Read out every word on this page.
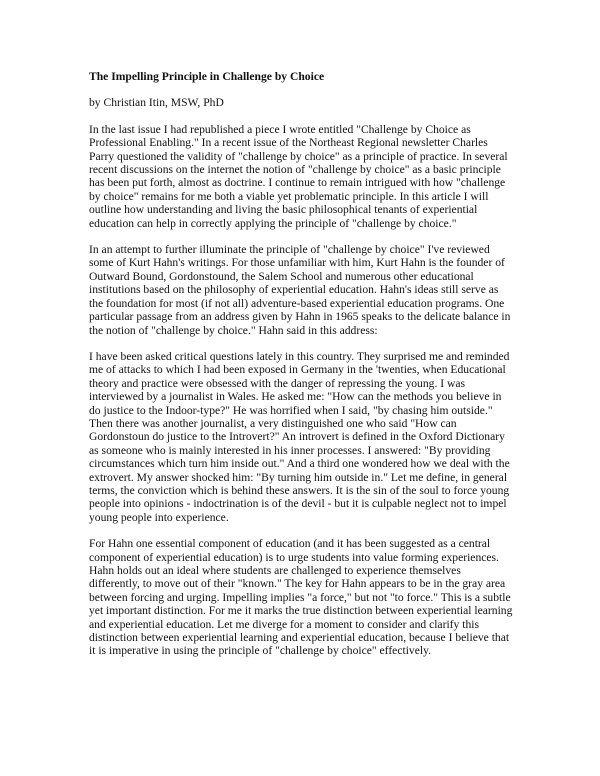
The Impelling Principle in Challenge by Choice
by Christian Itin, MSW, PhD

In the last issue I had republished a piece I wrote entitled "Challenge by Choice as Professional Enabling." In a recent issue of the Northeast Regional newsletter Charles Parry questioned the validity of "challenge by choice" as a principle of practice. In several recent discussions on the internet the notion of "challenge by choice" as a basic principle has been put forth, almost as doctrine. I continue to remain intrigued with how "challenge by choice" remains for me both a viable yet problematic principle. In this article I will outline how understanding and living the basic philosophical tenants of experiential education can help in correctly applying the principle of "challenge by choice."

In an attempt to further illuminate the principle of "challenge by choice" I've reviewed some of Kurt Hahn's writings. For those unfamiliar with him, Kurt Hahn is the founder of Outward Bound, Gordonstound, the Salem School and numerous other educational institutions based on the philosophy of experiential education. Hahn's ideas still serve as the foundation for most (if not all) adventure-based experiential education programs. One particular passage from an address given by Hahn in 1965 speaks to the delicate balance in the notion of "challenge by choice." Hahn said in this address:

I have been asked critical questions lately in this country. They surprised me and reminded me of attacks to which I had been exposed in Germany in the 'twenties, when Educational theory and practice were obsessed with the danger of repressing the young. I was interviewed by a journalist in Wales. He asked me: "How can the methods you believe in do justice to the Indoor-type?" He was horrified when I said, "by chasing him outside." Then there was another journalist, a very distinguished one who said "How can Gordonstoun do justice to the Introvert?" An introvert is defined in the Oxford Dictionary as someone who is mainly interested in his inner processes. I answered: "By providing circumstances which turn him inside out." And a third one wondered how we deal with the extrovert. My answer shocked him: "By turning him outside in." Let me define, in general terms, the conviction which is behind these answers. It is the sin of the soul to force young people into opinions - indoctrination is of the devil - but it is culpable neglect not to impel young people into experience.

For Hahn one essential component of education (and it has been suggested as a central component of experiential education) is to urge students into value forming experiences. Hahn holds out an ideal where students are challenged to experience themselves differently, to move out of their "known." The key for Hahn appears to be in the gray area between forcing and urging. Impelling implies "a force," but not "to force." This is a subtle yet important distinction. For me it marks the true distinction between experiential learning and experiential education. Let me diverge for a moment to consider and clarify this distinction between experiential learning and experiential education, because I believe that it is imperative in using the principle of "challenge by choice" effectively.
